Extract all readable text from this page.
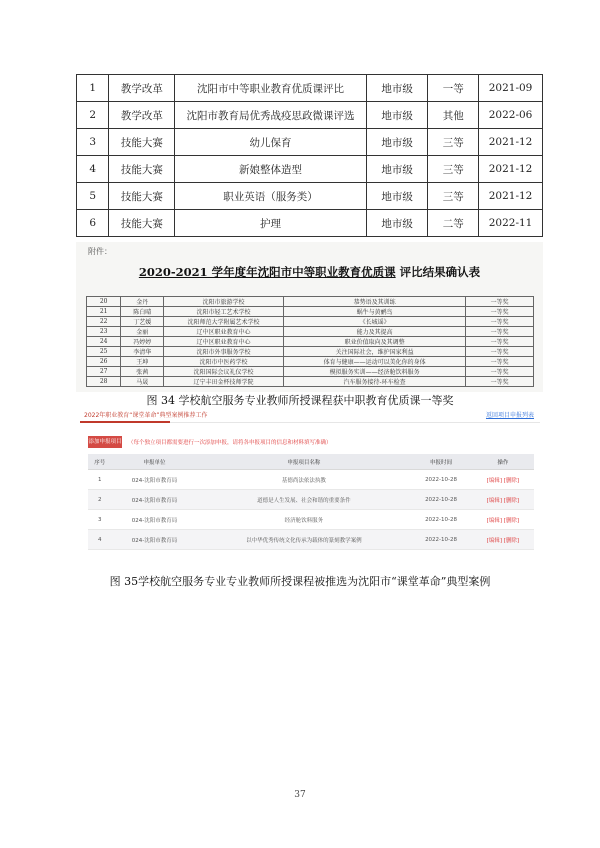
1	教学改革	沈阳市中等职业教育优质课评比	地市级	一等	2021-09
2	教学改革	沈阳市教育局优秀战疫思政微课评选	地市级	其他	2022-06
3	技能大赛	幼儿保育	地市级	三等	2021-12
4	技能大赛	新娘整体造型	地市级	三等	2021-12
5	技能大赛	职业英语（服务类）	地市级	三等	2021-12
6	技能大赛	护理	地市级	二等	2022-11
附件：
2020-2021 学年度年沈阳市中等职业教育优质课 评比结果确认表
20	金丹	沈阳市旅游学校	恭势语及其训练	一等奖
21	陈白晴	沈阳市轻工艺术学校	蜗牛与黄鹂鸟	一等奖
22	丁艺媛	沈阳师范大学附属艺术学校	《长城谣》	一等奖
23	金丽	辽中区职业教育中心	能力及其提高	一等奖
24	冯婷婷	辽中区职业教育中心	职业价值取向及其调整	一等奖
25	李清华	沈阳市外事服务学校	关注国际社会，维护国家利益	一等奖
26	王坤	沈阳市中医药学校	体育与健康——运动可以美化你的身体	一等奖
27	张茜	沈阳国际会议礼仪学校	模拟服务实训——经济舱饮料服务	一等奖
28	马晟	辽宁丰田金杯技师学院	汽车服务接待-环车检查	一等奖
图 34 学校航空服务专业教师所授课程获中职教育优质课一等奖
2022年职业教育“课堂革命”典型案例推荐工作	返回项目申报列表
添加申报项目 （每个独立项目都需要进行一次添加申报，请将各申报项目的信息和材料填写准确）
序号	申报单位	申报项目名称	申报时间	操作
1	024-沈阳市教育局	基德尚法依法执教	2022-10-28	[编辑] [删除]
2	024-沈阳市教育局	道德是人生发展、社会和谐的重要条件	2022-10-28	[编辑] [删除]
3	024-沈阳市教育局	经济舱饮料服务	2022-10-28	[编辑] [删除]
4	024-沈阳市教育局	以中华优秀传统文化传承为载体的篆刻教学案例	2022-10-28	[编辑] [删除]
图 35学校航空服务专业专业教师所授课程被推选为沈阳市“课堂革命”典型案例
37
